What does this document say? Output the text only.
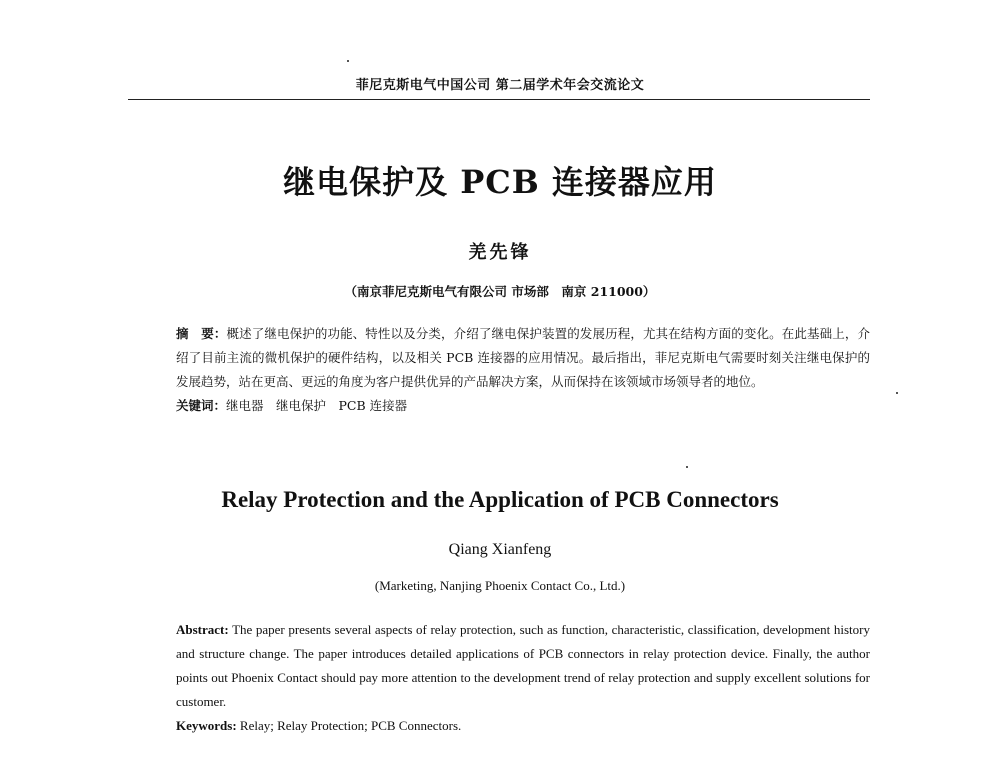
菲尼克斯电气中国公司 第二届学术年会交流论文
继电保护及 PCB 连接器应用
羌先锋
（南京菲尼克斯电气有限公司 市场部　南京 211000）
摘　要：概述了继电保护的功能、特性以及分类，介绍了继电保护装置的发展历程，尤其在结构方面的变化。在此基础上，介绍了目前主流的微机保护的硬件结构，以及相关 PCB 连接器的应用情况。最后指出，菲尼克斯电气需要时刻关注继电保护的发展趋势，站在更高、更远的角度为客户提供优异的产品解决方案，从而保持在该领域市场领导者的地位。
关键词：继电器　继电保护　PCB 连接器
Relay Protection and the Application of PCB Connectors
Qiang Xianfeng
(Marketing, Nanjing Phoenix Contact Co., Ltd.)
Abstract: The paper presents several aspects of relay protection, such as function, characteristic, classification, development history and structure change. The paper introduces detailed applications of PCB connectors in relay protection device. Finally, the author points out Phoenix Contact should pay more attention to the development trend of relay protection and supply excellent solutions for customer.
Keywords: Relay; Relay Protection; PCB Connectors.
